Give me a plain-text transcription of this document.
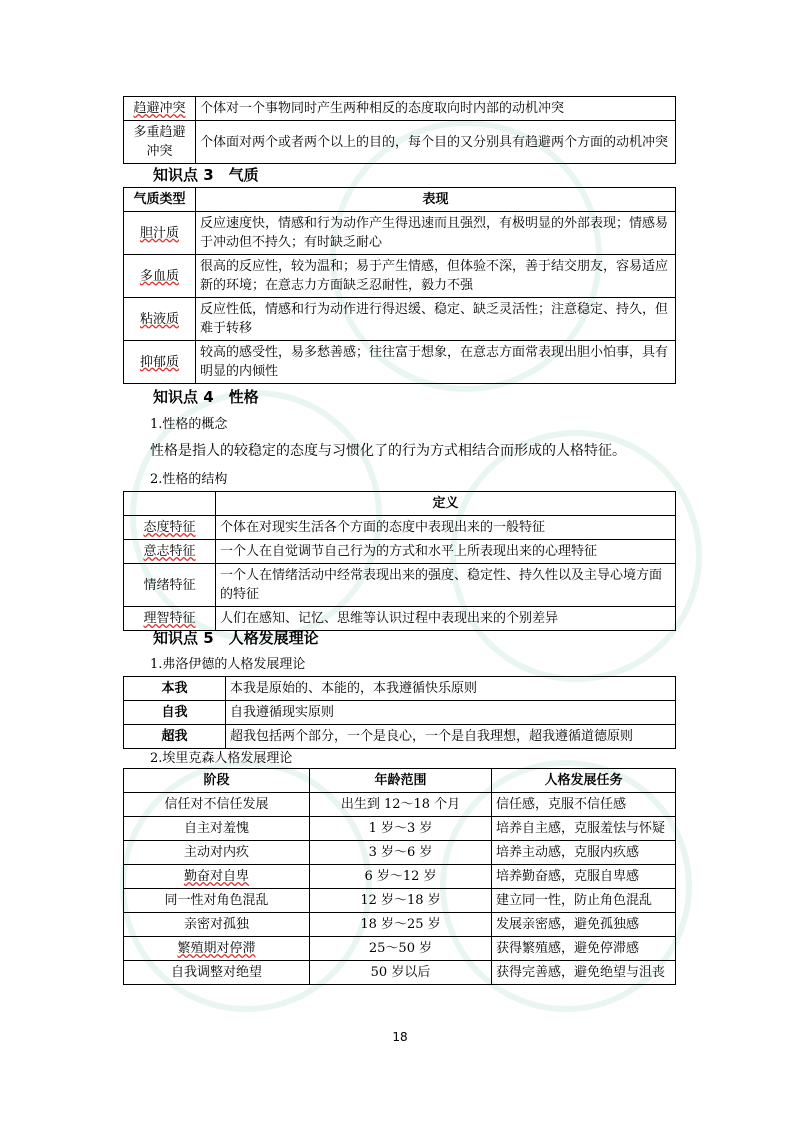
趋避冲突	个体对一个事物同时产生两种相反的态度取向时内部的动机冲突
多重趋避冲突	个体面对两个或者两个以上的目的，每个目的又分别具有趋避两个方面的动机冲突
知识点 3　气质
气质类型	表现
胆汁质	反应速度快，情感和行为动作产生得迅速而且强烈，有极明显的外部表现；情感易于冲动但不持久；有时缺乏耐心
多血质	很高的反应性，较为温和；易于产生情感，但体验不深，善于结交朋友，容易适应新的环境；在意志力方面缺乏忍耐性，毅力不强
粘液质	反应性低，情感和行为动作进行得迟缓、稳定、缺乏灵活性；注意稳定、持久，但难于转移
抑郁质	较高的感受性，易多愁善感；往往富于想象，在意志方面常表现出胆小怕事，具有明显的内倾性
知识点 4　性格
1.性格的概念
性格是指人的较稳定的态度与习惯化了的行为方式相结合而形成的人格特征。
2.性格的结构
	定义
态度特征	个体在对现实生活各个方面的态度中表现出来的一般特征
意志特征	一个人在自觉调节自己行为的方式和水平上所表现出来的心理特征
情绪特征	一个人在情绪活动中经常表现出来的强度、稳定性、持久性以及主导心境方面的特征
理智特征	人们在感知、记忆、思维等认识过程中表现出来的个别差异
知识点 5　人格发展理论
1.弗洛伊德的人格发展理论
本我	本我是原始的、本能的，本我遵循快乐原则
自我	自我遵循现实原则
超我	超我包括两个部分，一个是良心，一个是自我理想，超我遵循道德原则
2.埃里克森人格发展理论
阶段	年龄范围	人格发展任务
信任对不信任发展	出生到 12～18 个月	信任感，克服不信任感
自主对羞愧	1 岁～3 岁	培养自主感，克服羞怯与怀疑
主动对内疚	3 岁～6 岁	培养主动感，克服内疚感
勤奋对自卑	6 岁～12 岁	培养勤奋感，克服自卑感
同一性对角色混乱	12 岁～18 岁	建立同一性，防止角色混乱
亲密对孤独	18 岁～25 岁	发展亲密感，避免孤独感
繁殖期对停滞	25～50 岁	获得繁殖感，避免停滞感
自我调整对绝望	50 岁以后	获得完善感，避免绝望与沮丧
18
